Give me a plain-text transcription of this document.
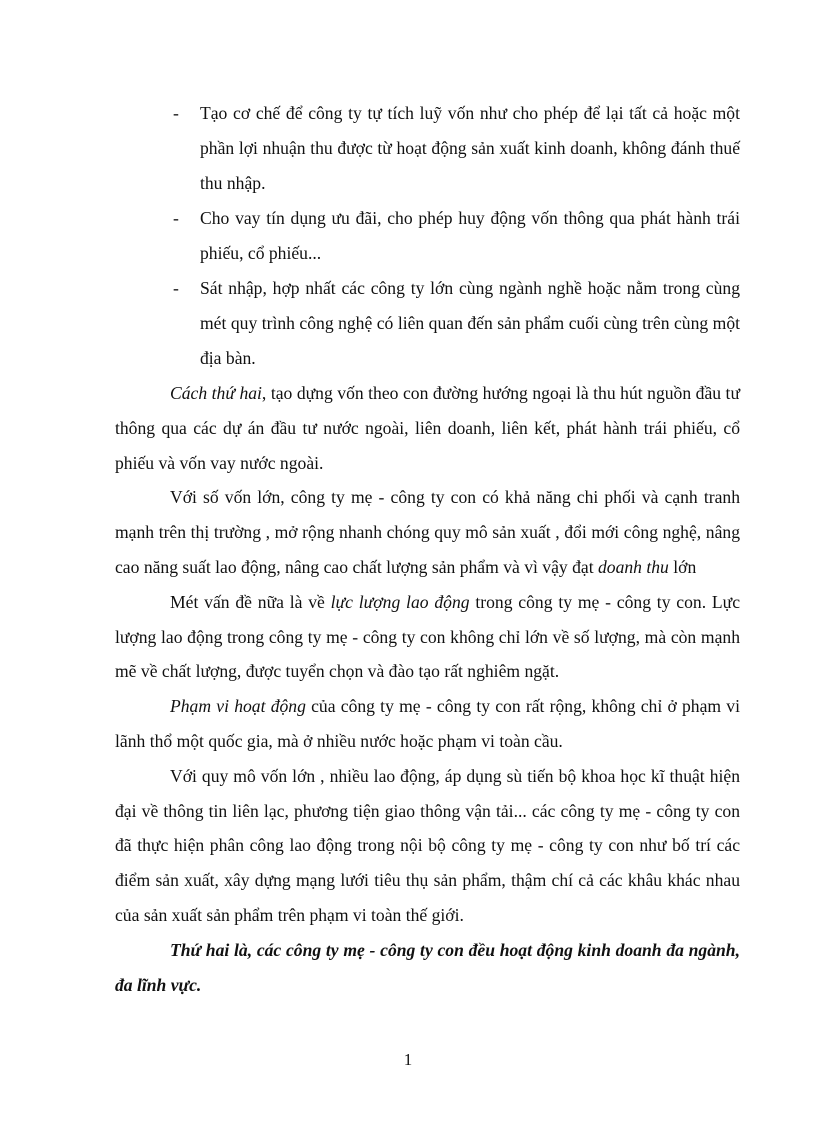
- Tạo cơ chế để công ty tự tích luỹ vốn như cho phép để lại tất cả hoặc một phần lợi nhuận thu được từ hoạt động sản xuất kinh doanh, không đánh thuế thu nhập.
- Cho vay tín dụng ưu đãi, cho phép huy động vốn thông qua phát hành trái phiếu, cổ phiếu...
- Sát nhập, hợp nhất các công ty lớn cùng ngành nghề hoặc nằm trong cùng mét quy trình công nghệ có liên quan đến sản phẩm cuối cùng trên cùng một địa bàn.

Cách thứ hai, tạo dựng vốn theo con đường hướng ngoại là thu hút nguồn đầu tư thông qua các dự án đầu tư nước ngoài, liên doanh, liên kết, phát hành trái phiếu, cổ phiếu và vốn vay nước ngoài.

Với số vốn lớn, công ty mẹ - công ty con có khả năng chi phối và cạnh tranh mạnh trên thị trường , mở rộng nhanh chóng quy mô sản xuất , đổi mới công nghệ, nâng cao năng suất lao động, nâng cao chất lượng sản phẩm và vì vậy đạt doanh thu lớn

Mét vấn đề nữa là về lực lượng lao động trong công ty mẹ - công ty con. Lực lượng lao động trong công ty mẹ - công ty con không chỉ lớn về số lượng, mà còn mạnh mẽ về chất lượng, được tuyển chọn và đào tạo rất nghiêm ngặt.

Phạm vi hoạt động của công ty mẹ - công ty con rất rộng, không chỉ ở phạm vi lãnh thổ một quốc gia, mà ở nhiều nước hoặc phạm vi toàn cầu.

Với quy mô vốn lớn , nhiều lao động, áp dụng sù tiến bộ khoa học kĩ thuật hiện đại về thông tin liên lạc, phương tiện giao thông vận tải... các công ty mẹ - công ty con đã thực hiện phân công lao động trong nội bộ công ty mẹ - công ty con như bố trí các điểm sản xuất, xây dựng mạng lưới tiêu thụ sản phẩm, thậm chí cả các khâu khác nhau của sản xuất sản phẩm trên phạm vi toàn thế giới.

Thứ hai là, các công ty mẹ - công ty con đều hoạt động kinh doanh đa ngành, đa lĩnh vực.

1
